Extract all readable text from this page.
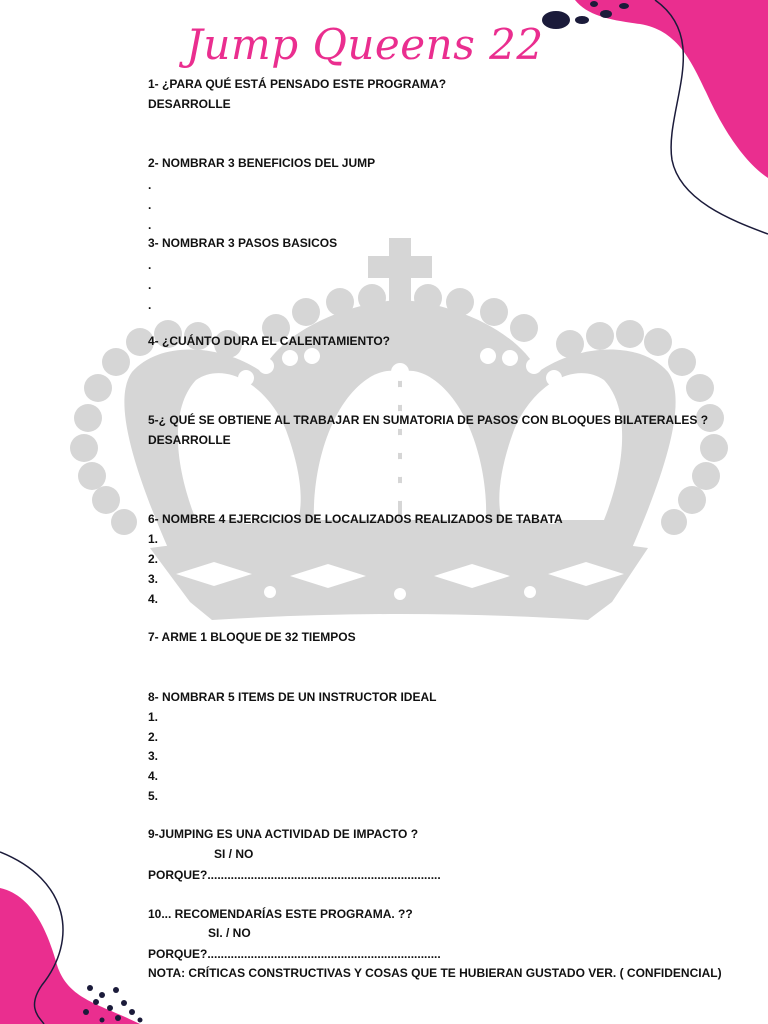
Jump Queens 22

1- ¿PARA QUÉ ESTÁ PENSADO ESTE PROGRAMA?

DESARROLLE

2- NOMBRAR 3 BENEFICIOS DEL JUMP

.

.

.

3- NOMBRAR 3 PASOS BASICOS

.

.

.

4- ¿CUÁNTO DURA EL CALENTAMIENTO?

5-¿ QUÉ SE OBTIENE AL TRABAJAR EN SUMATORIA DE PASOS CON BLOQUES BILATERALES ?

DESARROLLE

6- NOMBRE 4 EJERCICIOS DE LOCALIZADOS REALIZADOS DE TABATA

1.

2.

3.

4.

7- ARME 1 BLOQUE DE 32 TIEMPOS

8- NOMBRAR 5 ITEMS DE UN INSTRUCTOR IDEAL

1.

2.

3.

4.

5.

9-JUMPING ES UNA ACTIVIDAD DE IMPACTO ?

SI / NO

PORQUE?......................................................................

10... RECOMENDARÍAS ESTE PROGRAMA. ??

SI. / NO

PORQUE?......................................................................

NOTA: CRÍTICAS CONSTRUCTIVAS Y COSAS QUE TE HUBIERAN GUSTADO VER. ( CONFIDENCIAL)
